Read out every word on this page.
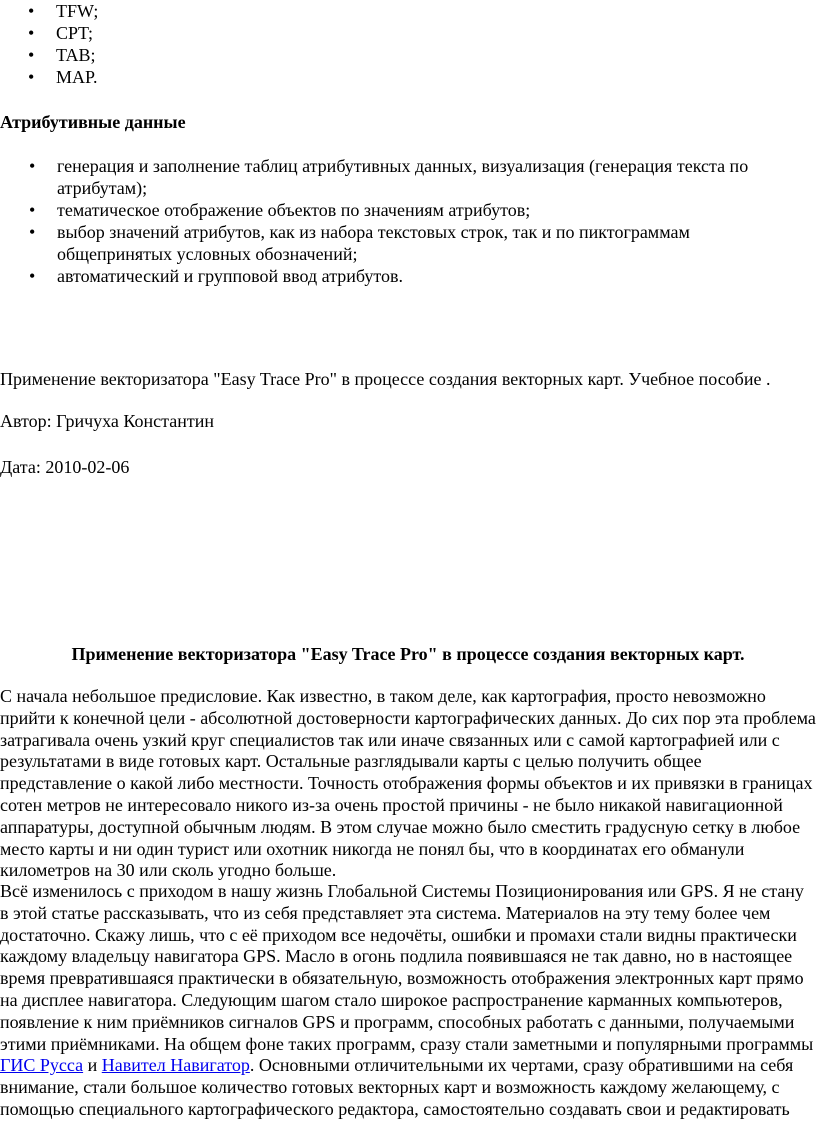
• TFW;
• CPT;
• TAB;
• MAP.

Атрибутивные данные

• генерация и заполнение таблиц атрибутивных данных, визуализация (генерация текста по атрибутам);
• тематическое отображение объектов по значениям атрибутов;
• выбор значений атрибутов, как из набора текстовых строк, так и по пиктограммам общепринятых условных обозначений;
• автоматический и групповой ввод атрибутов.

Применение векторизатора "Easy Trace Pro" в процессе создания векторных карт. Учебное пособие .

Автор: Гричуха Константин

Дата: 2010-02-06

Применение векторизатора "Easy Trace Pro" в процессе создания векторных карт.

С начала небольшое предисловие. Как известно, в таком деле, как картография, просто невозможно прийти к конечной цели - абсолютной достоверности картографических данных. До сих пор эта проблема затрагивала очень узкий круг специалистов так или иначе связанных или с самой картографией или с результатами в виде готовых карт. Остальные разглядывали карты с целью получить общее представление о какой либо местности. Точность отображения формы объектов и их привязки в границах сотен метров не интересовало никого из-за очень простой причины - не было никакой навигационной аппаратуры, доступной обычным людям. В этом случае можно было сместить градусную сетку в любое место карты и ни один турист или охотник никогда не понял бы, что в координатах его обманули километров на 30 или сколь угодно больше.

Всё изменилось с приходом в нашу жизнь Глобальной Системы Позиционирования или GPS. Я не стану в этой статье рассказывать, что из себя представляет эта система. Материалов на эту тему более чем достаточно. Скажу лишь, что с её приходом все недочёты, ошибки и промахи стали видны практически каждому владельцу навигатора GPS. Масло в огонь подлила появившаяся не так давно, но в настоящее время превратившаяся практически в обязательную, возможность отображения электронных карт прямо на дисплее навигатора. Следующим шагом стало широкое распространение карманных компьютеров, появление к ним приёмников сигналов GPS и программ, способных работать с данными, получаемыми этими приёмниками. На общем фоне таких программ, сразу стали заметными и популярными программы ГИС Русса и Навител Навигатор. Основными отличительными их чертами, сразу обратившими на себя внимание, стали большое количество готовых векторных карт и возможность каждому желающему, с помощью специального картографического редактора, самостоятельно создавать свои и редактировать
